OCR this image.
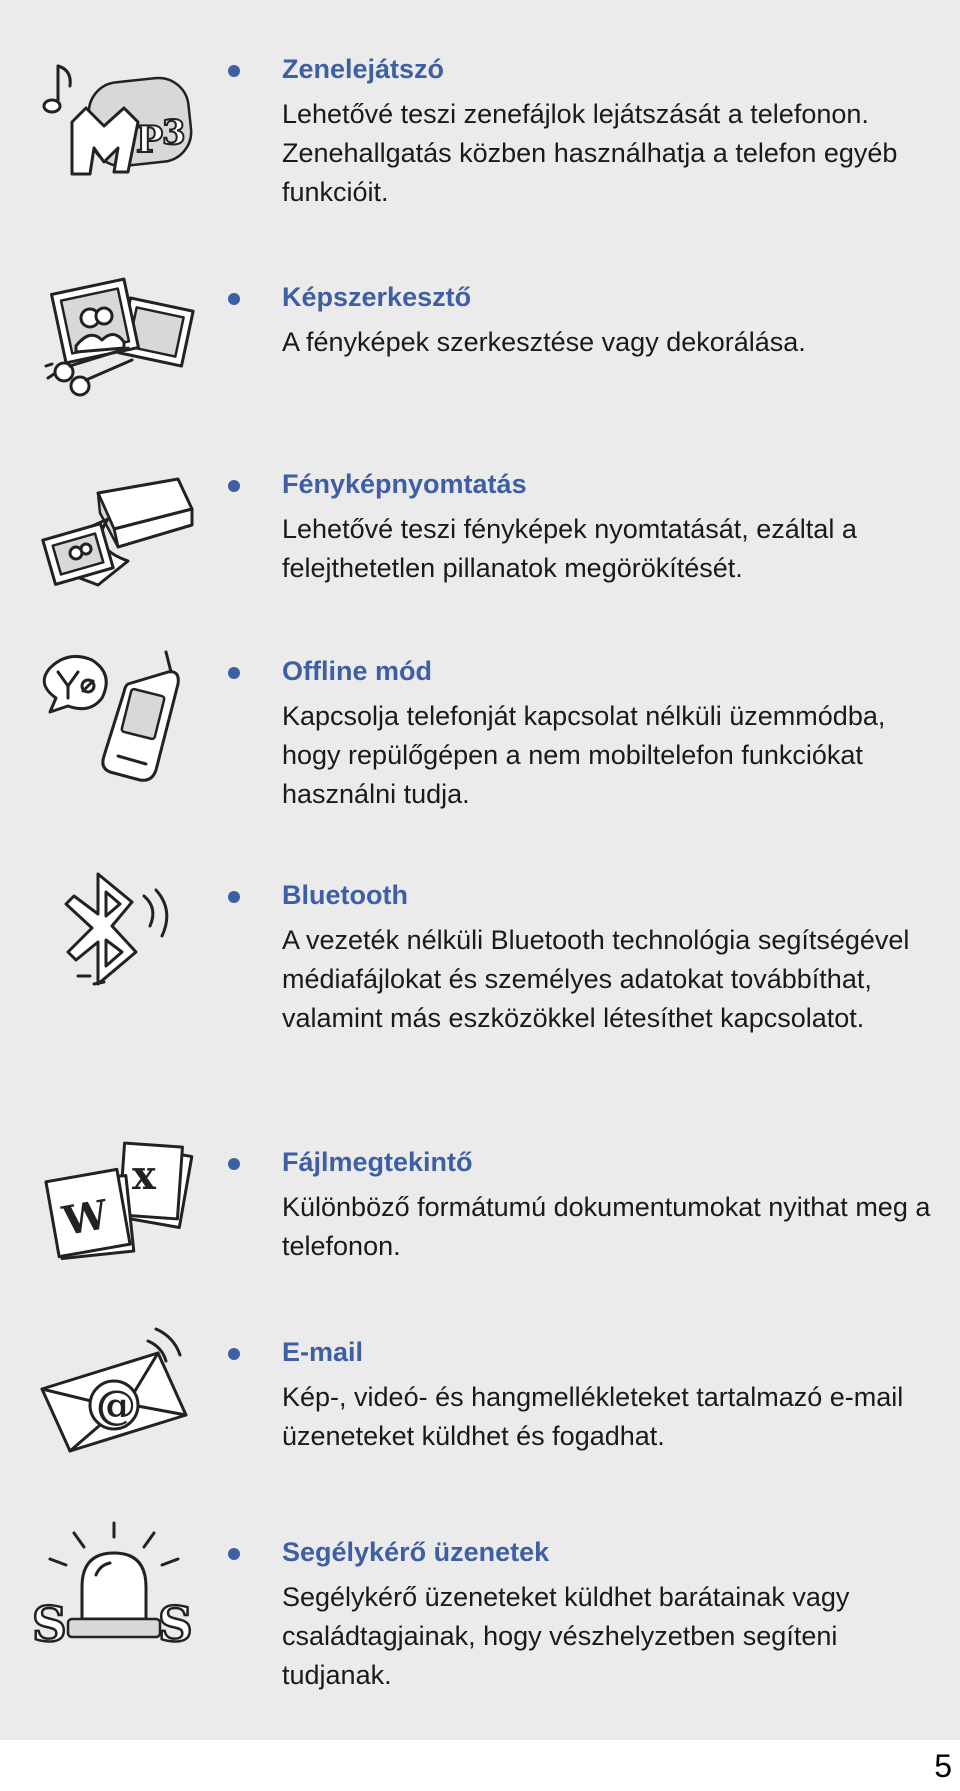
P
3
Zenelejátszó

Lehetővé teszi zenefájlok lejátszását a telefonon. Zenehallgatás közben használhatja a telefon egyéb funkcióit.

Képszerkesztő

A fényképek szerkesztése vagy dekorálása.

Fényképnyomtatás

Lehetővé teszi fényképek nyomtatását, ezáltal a felejthetetlen pillanatok megörökítését.

Offline mód

Kapcsolja telefonját kapcsolat nélküli üzemmódba, hogy repülőgépen a nem mobiltelefon funkciókat használni tudja.

Bluetooth

A vezeték nélküli Bluetooth technológia segítségével médiafájlokat és személyes adatokat továbbíthat, valamint más eszközökkel létesíthet kapcsolatot.

x
W
Fájlmegtekintő

Különböző formátumú dokumentumokat nyithat meg a telefonon.

@
E-mail

Kép-, videó- és hangmellékleteket tartalmazó e-mail üzeneteket küldhet és fogadhat.

S S
Segélykérő üzenetek

Segélykérő üzeneteket küldhet barátainak vagy családtagjainak, hogy vészhelyzetben segíteni tudjanak.

5
